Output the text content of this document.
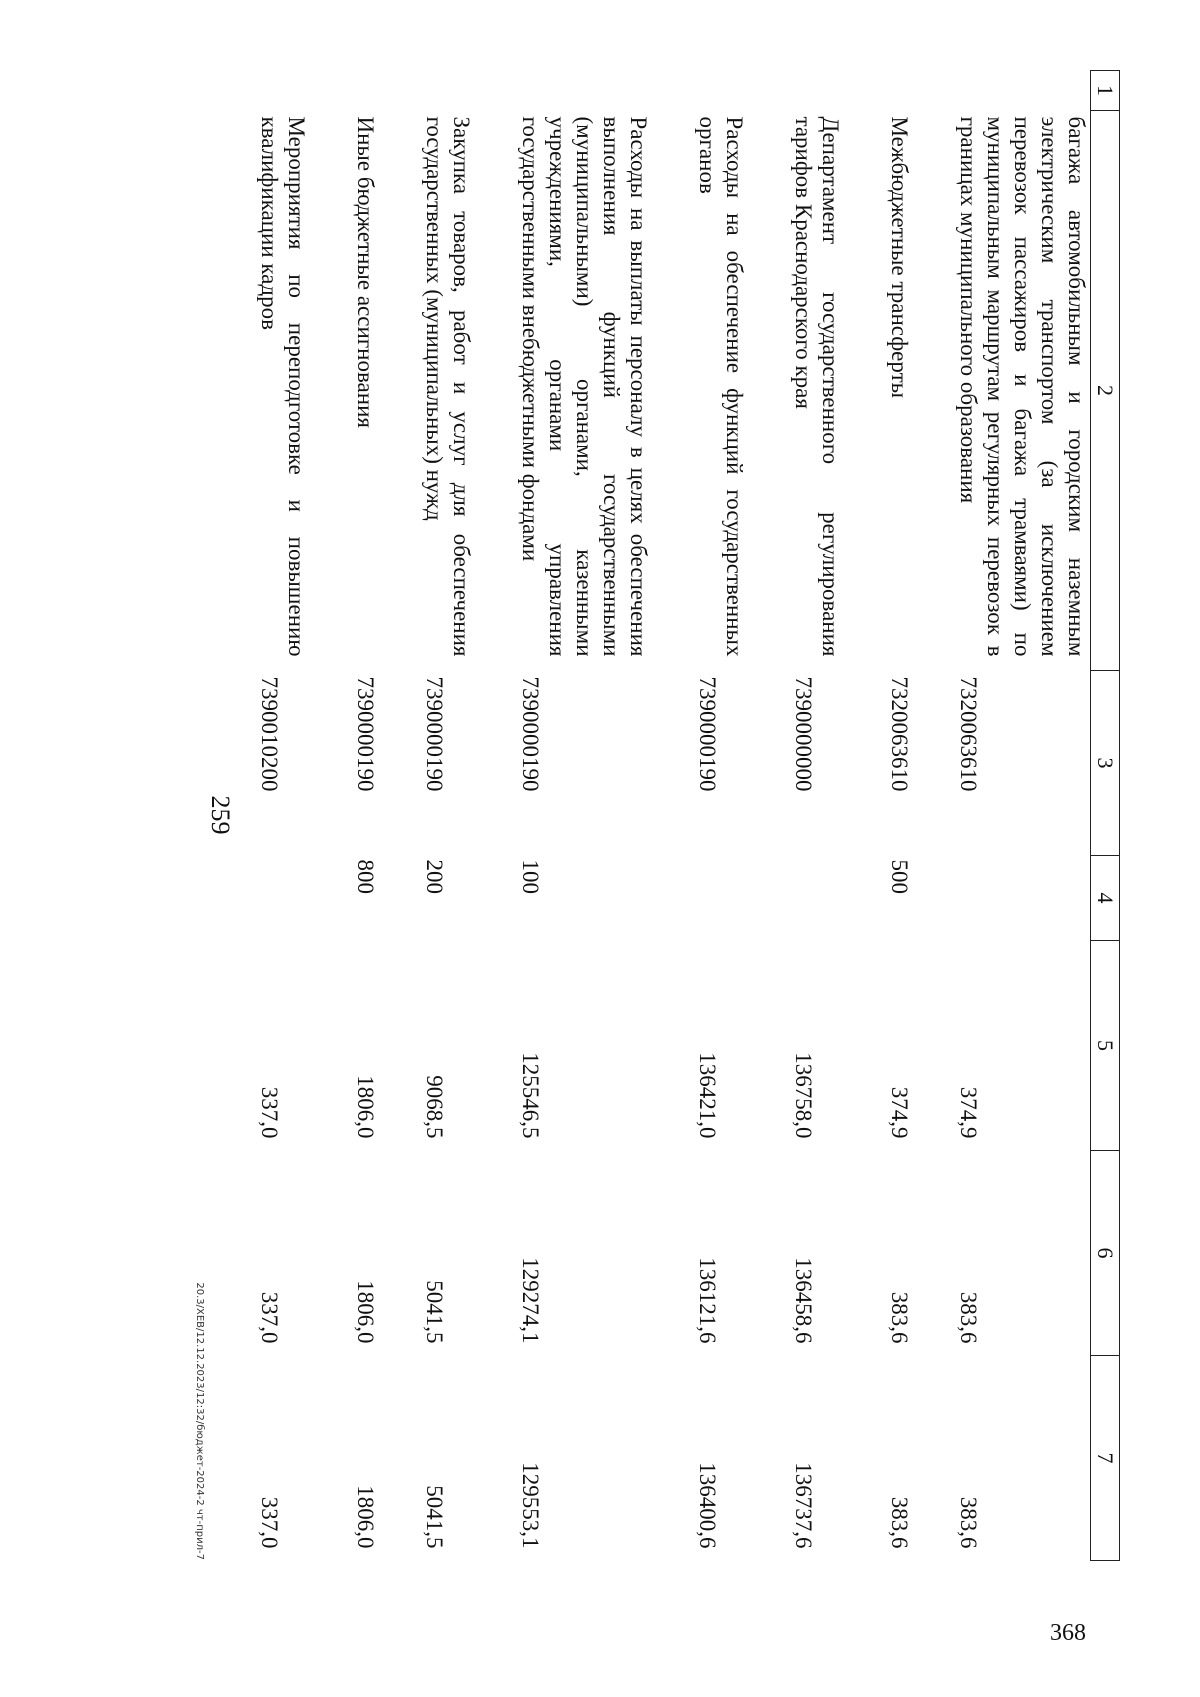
1	2	3	4	5	6	7
	багажа автомобильным и городским наземным электрическим транспортом (за исключением перевозок пассажиров и багажа трамваями) по муниципальным маршрутам регулярных перевозок в границах муниципального образования	7320063610		374,9	383,6	383,6

	Межбюджетные трансферты	7320063610	500	374,9	383,6	383,6

	Департамент государственного регулирования тарифов Краснодарского края	7390000000		136758,0	136458,6	136737,6

	Расходы на обеспечение функций государственных органов	7390000190		136421,0	136121,6	136400,6

	Расходы на выплаты персоналу в целях обеспечения выполнения функций государственными (муниципальными) органами, казенными учреждениями, органами управления государственными внебюджетными фондами	7390000190	100	125546,5	129274,1	129553,1

	Закупка товаров, работ и услуг для обеспечения государственных (муниципальных) нужд	7390000190	200	9068,5	5041,5	5041,5

	Иные бюджетные ассигнования	7390000190	800	1806,0	1806,0	1806,0

	Мероприятия по переподготовке и повышению квалификации кадров	7390010200		337,0	337,0	337,0
259
20.3/ХЕВ/12.12.2023/12:32/бюджет-2024-2 чт-прил-7
368
